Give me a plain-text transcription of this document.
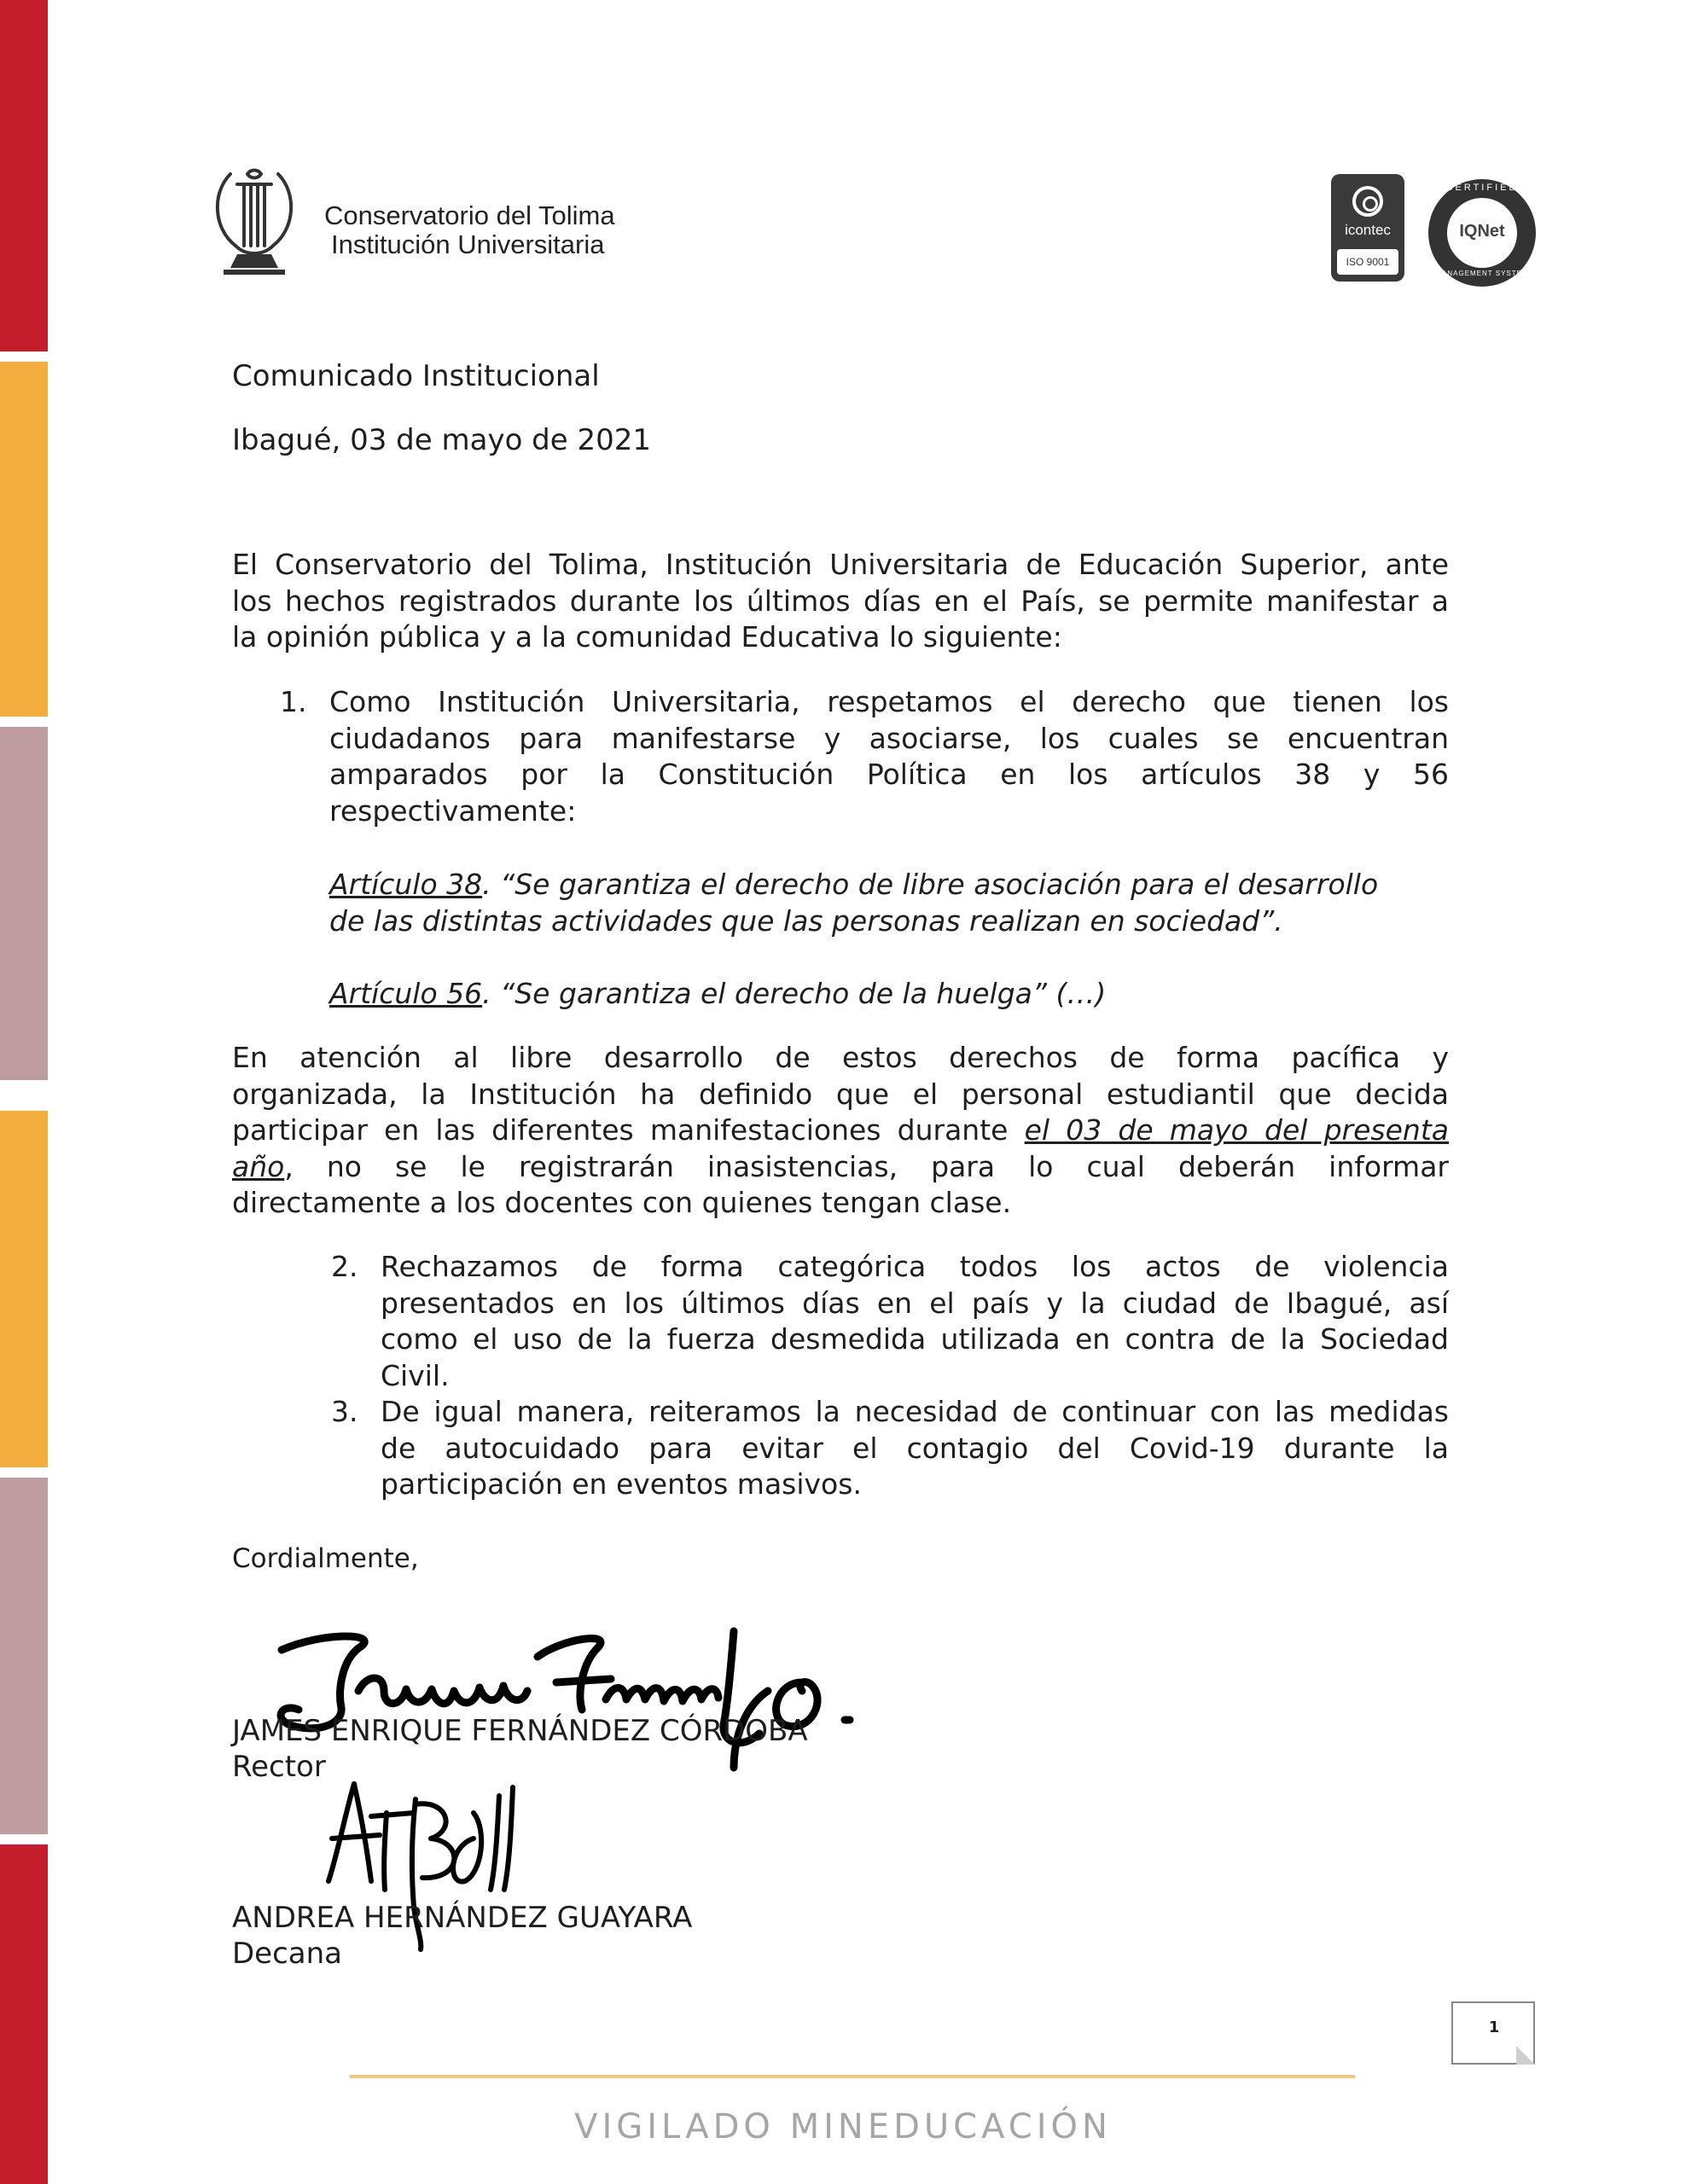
Conservatorio del Tolima
Institución Universitaria	icontec
ISO 9001
CERTIFIED
IQNet
MANAGEMENT SYSTEM
Comunicado Institucional
Ibagué, 03 de mayo de 2021
El Conservatorio del Tolima, Institución Universitaria de Educación Superior, ante
los hechos registrados durante los últimos días en el País, se permite manifestar a
la opinión pública y a la comunidad Educativa lo siguiente:
1. Como Institución Universitaria, respetamos el derecho que tienen los
ciudadanos para manifestarse y asociarse, los cuales se encuentran
amparados por la Constitución Política en los artículos 38 y 56
respectivamente:
Artículo 38. “Se garantiza el derecho de libre asociación para el desarrollo
de las distintas actividades que las personas realizan en sociedad”.
Artículo 56. “Se garantiza el derecho de la huelga” (…)
En atención al libre desarrollo de estos derechos de forma pacífica y
organizada, la Institución ha definido que el personal estudiantil que decida
participar en las diferentes manifestaciones durante el 03 de mayo del presenta
año, no se le registrarán inasistencias, para lo cual deberán informar
directamente a los docentes con quienes tengan clase.
2. Rechazamos de forma categórica todos los actos de violencia
presentados en los últimos días en el país y la ciudad de Ibagué, así
como el uso de la fuerza desmedida utilizada en contra de la Sociedad
Civil.
3. De igual manera, reiteramos la necesidad de continuar con las medidas
de autocuidado para evitar el contagio del Covid-19 durante la
participación en eventos masivos.
Cordialmente,
JAMES ENRIQUE FERNÁNDEZ CÓRDOBA
Rector
ANDREA HERNÁNDEZ GUAYARA
Decana
1
VIGILADO MINEDUCACIÓN
